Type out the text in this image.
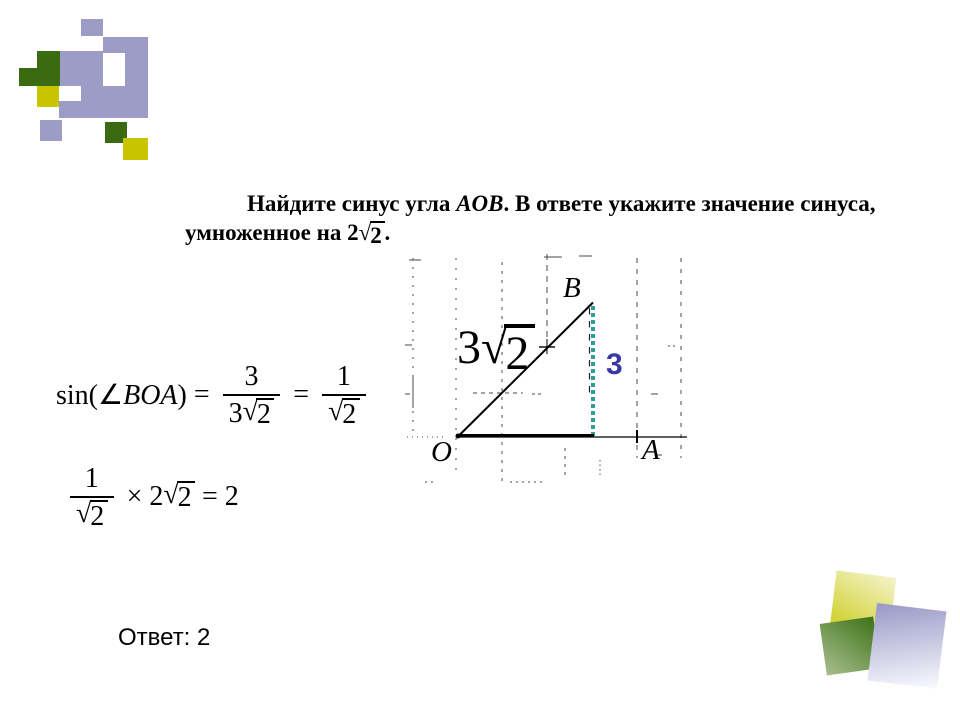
Найдите синус угла AOB. В ответе укажите значение синуса,
умноженное на 2 √ 2 .
B
O	A
3 √ 2	3
sin(∠BOA) = $\frac{3}{3 √ 2} = \frac{1}{√ 2}$
$\frac{1}{√ 2} \times 2$ √ 2 = 2
Ответ: 2
